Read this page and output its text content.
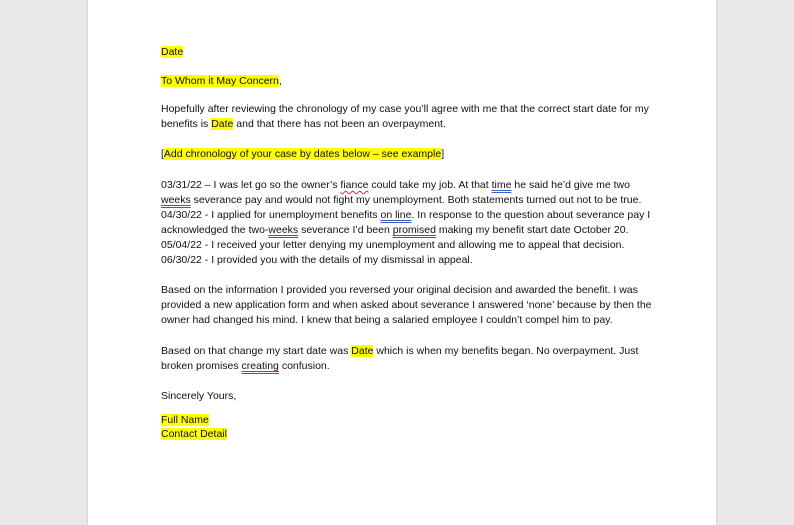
Date
To Whom it May Concern,
Hopefully after reviewing the chronology of my case you’ll agree with me that the correct start date for my
benefits is Date and that there has not been an overpayment.
[Add chronology of your case by dates below – see example]
03/31/22 – I was let go so the owner’s fiance could take my job. At that time he said he’d give me two
weeks severance pay and would not fight my unemployment. Both statements turned out not to be true.
04/30/22 - I applied for unemployment benefits on line. In response to the question about severance pay I
acknowledged the two-weeks severance I’d been promised making my benefit start date October 20.
05/04/22 - I received your letter denying my unemployment and allowing me to appeal that decision.
06/30/22 - I provided you with the details of my dismissal in appeal.
Based on the information I provided you reversed your original decision and awarded the benefit. I was
provided a new application form and when asked about severance I answered ‘none’ because by then the
owner had changed his mind. I knew that being a salaried employee I couldn’t compel him to pay.
Based on that change my start date was Date which is when my benefits began. No overpayment. Just
broken promises creating confusion.
Sincerely Yours,
Full Name
Contact Detail
